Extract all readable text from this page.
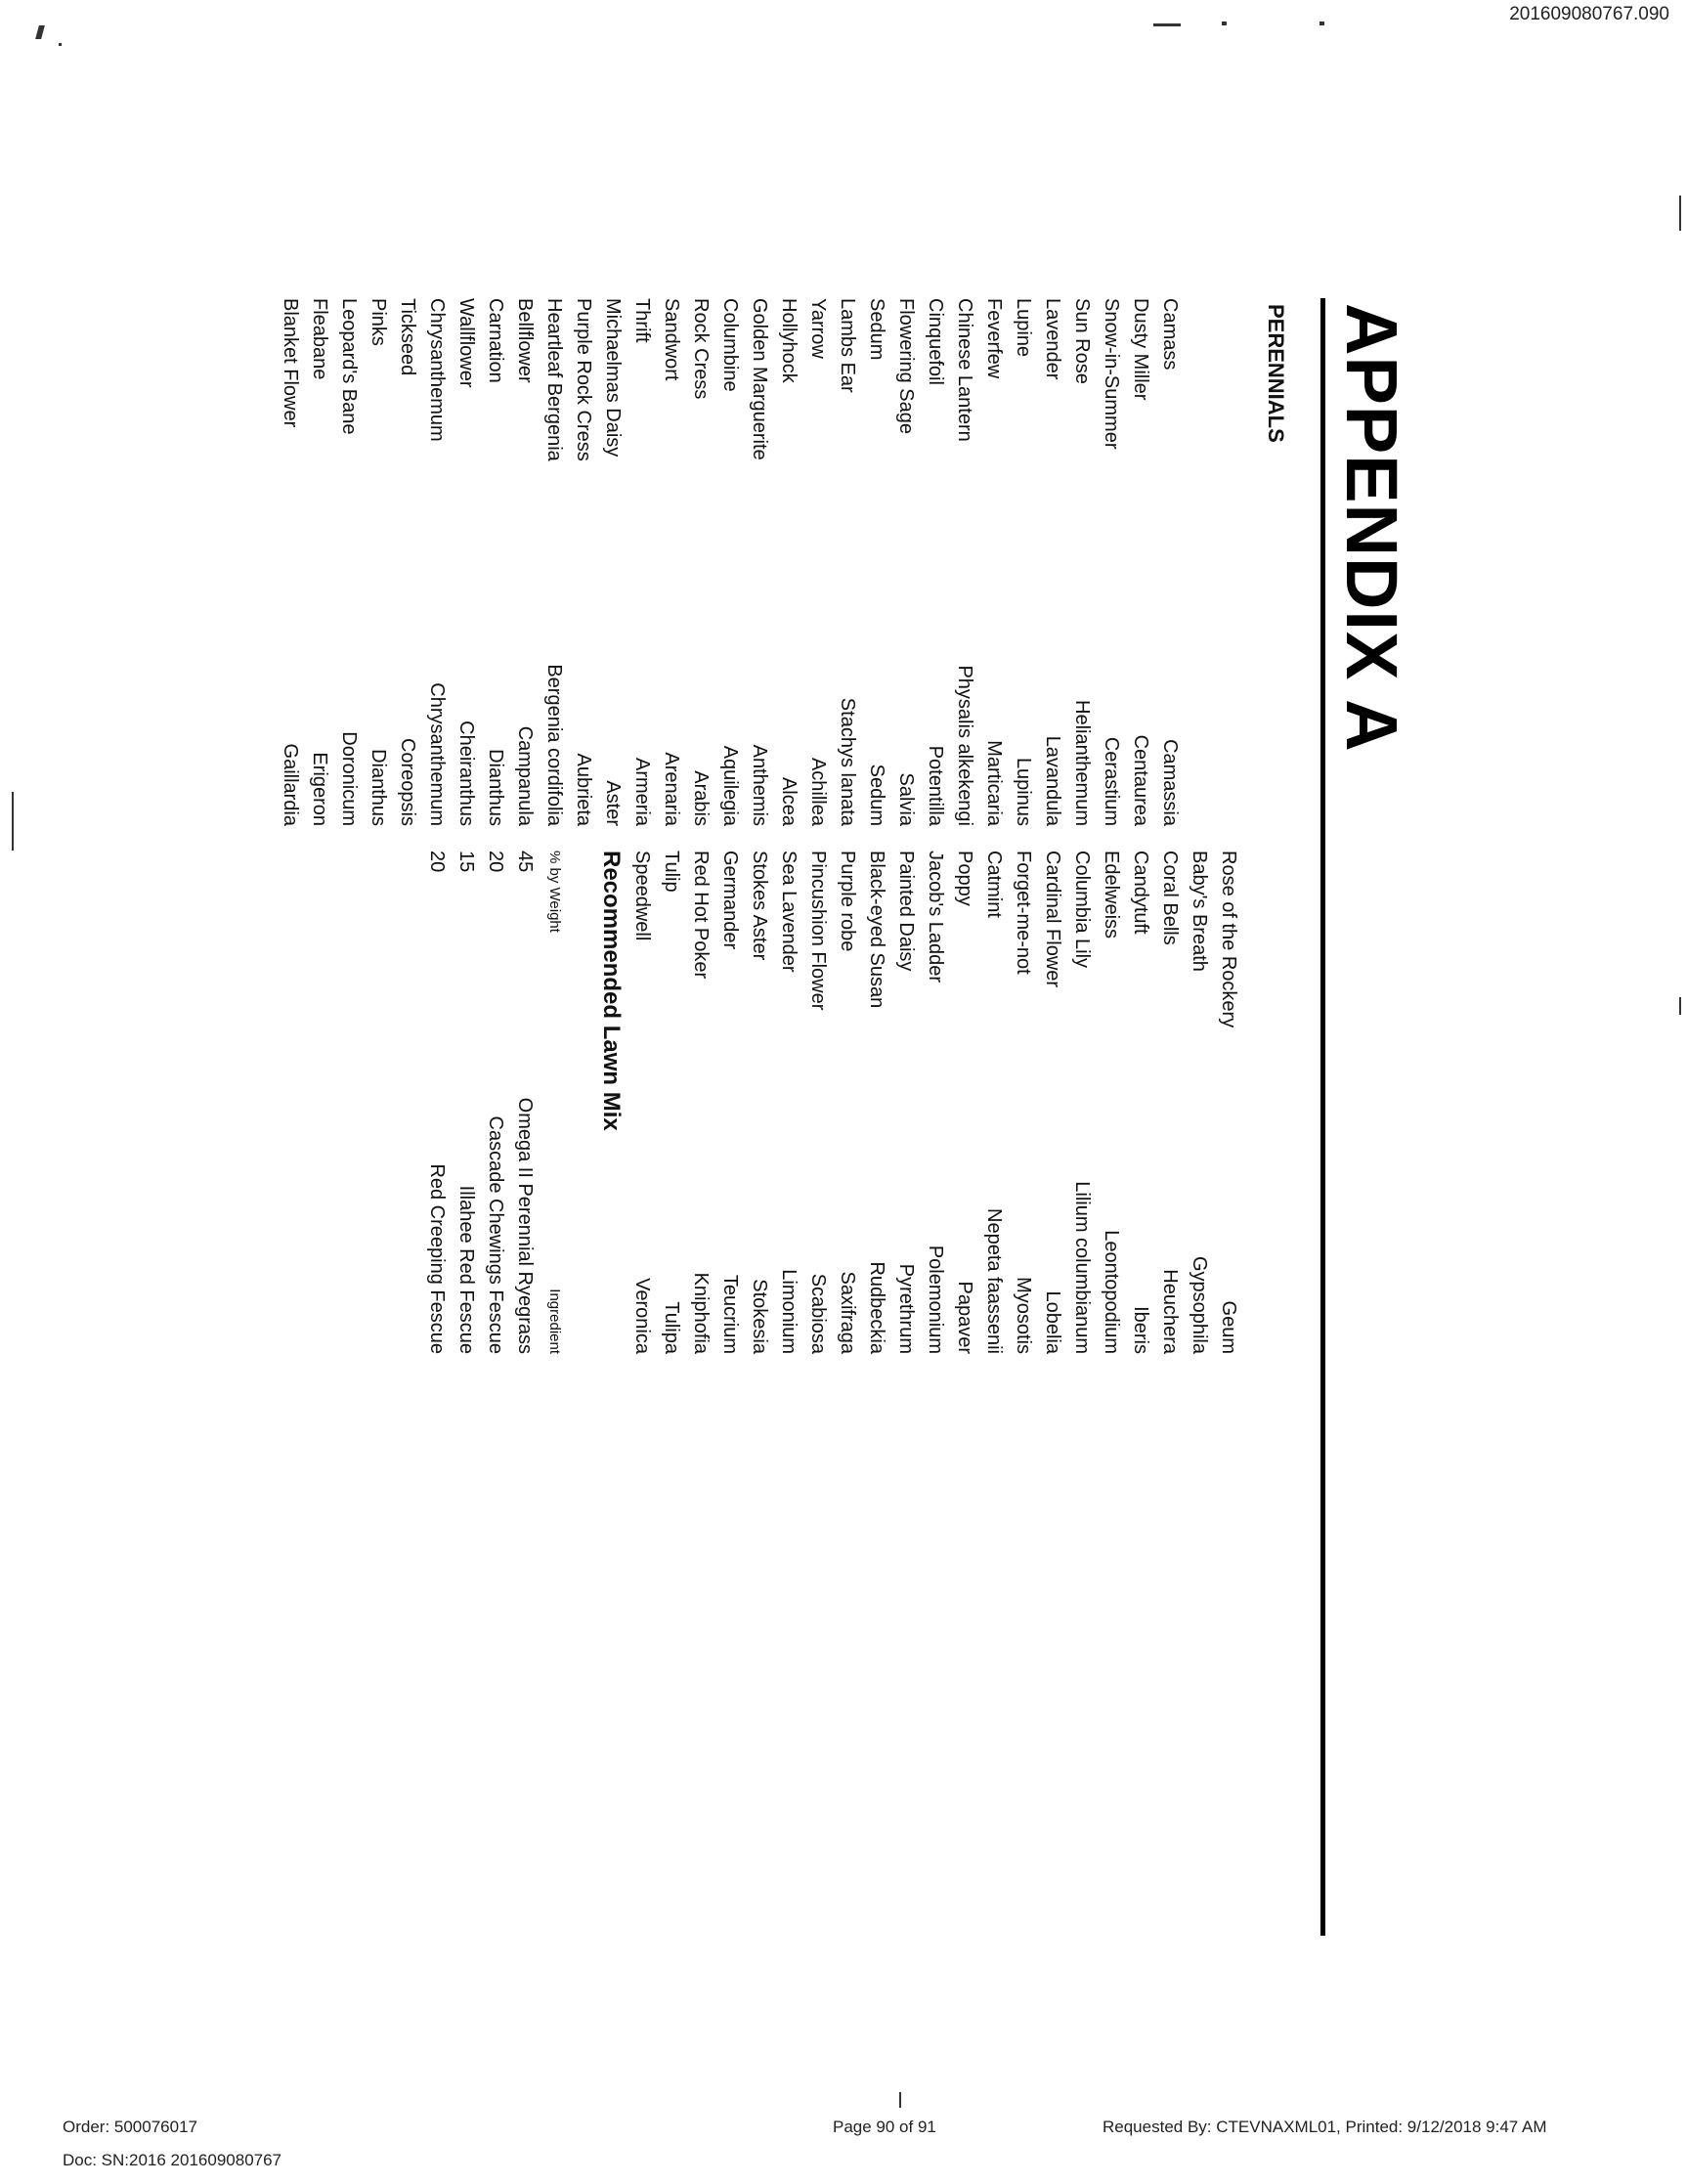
201609080767.090
APPENDIX A
PERENNIALS
Rose of the Rockery
Geum
Baby's Breath
Gypsophila
Camass
Camassia
Coral Bells
Heuchera
Dusty Miller
Centaurea
Candytuft
Iberis
Snow-in-Summer
Cerastium
Edelweiss
Leontopodium
Sun Rose
Helianthemum
Columbia Lily
Lilium columbianum
Lavender
Lavandula
Cardinal Flower
Lobelia
Lupine
Lupinus
Forget-me-not
Myosotis
Feverfew
Marticaria
Catmint
Nepeta faassenii
Chinese Lantern
Physalis alkekengi
Poppy
Papaver
Cinquefoil
Potentilla
Jacob's Ladder
Polemonium
Flowering Sage
Salvia
Painted Daisy
Pyrethrum
Sedum
Sedum
Black-eyed Susan
Rudbeckia
Lambs Ear
Stachys lanata
Purple robe
Saxifraga
Yarrow
Achillea
Pincushion Flower
Scabiosa
Hollyhock
Alcea
Sea Lavender
Limonium
Golden Marguerite
Anthemis
Stokes Aster
Stokesia
Columbine
Aquilegia
Germander
Teucrium
Rock Cress
Arabis
Red Hot Poker
Kniphofia
Sandwort
Arenaria
Tulip
Tulipa
Thrift
Armeria
Speedwell
Veronica
Michaelmas Daisy
Aster
Purple Rock Cress
Aubrieta
Heartleaf Bergenia
Bergenia cordifolia
Bellflower
Campanula
Carnation
Dianthus
Wallflower
Cheiranthus
Chrysanthemum
Chrysanthemum
Tickseed
Coreopsis
Pinks
Dianthus
Leopard's Bane
Doronicum
Fleabane
Erigeron
Blanket Flower
Gaillardia
Recommended Lawn Mix
% by Weight
Ingredient
45
Omega II Perennial Ryegrass
20
Cascade Chewings Fescue
15
Illahee Red Fescue
20
Red Creeping Fescue
Order: 500076017
Doc: SN:2016 201609080767
Page 90 of 91	Requested By: CTEVNAXML01, Printed: 9/12/2018 9:47 AM
